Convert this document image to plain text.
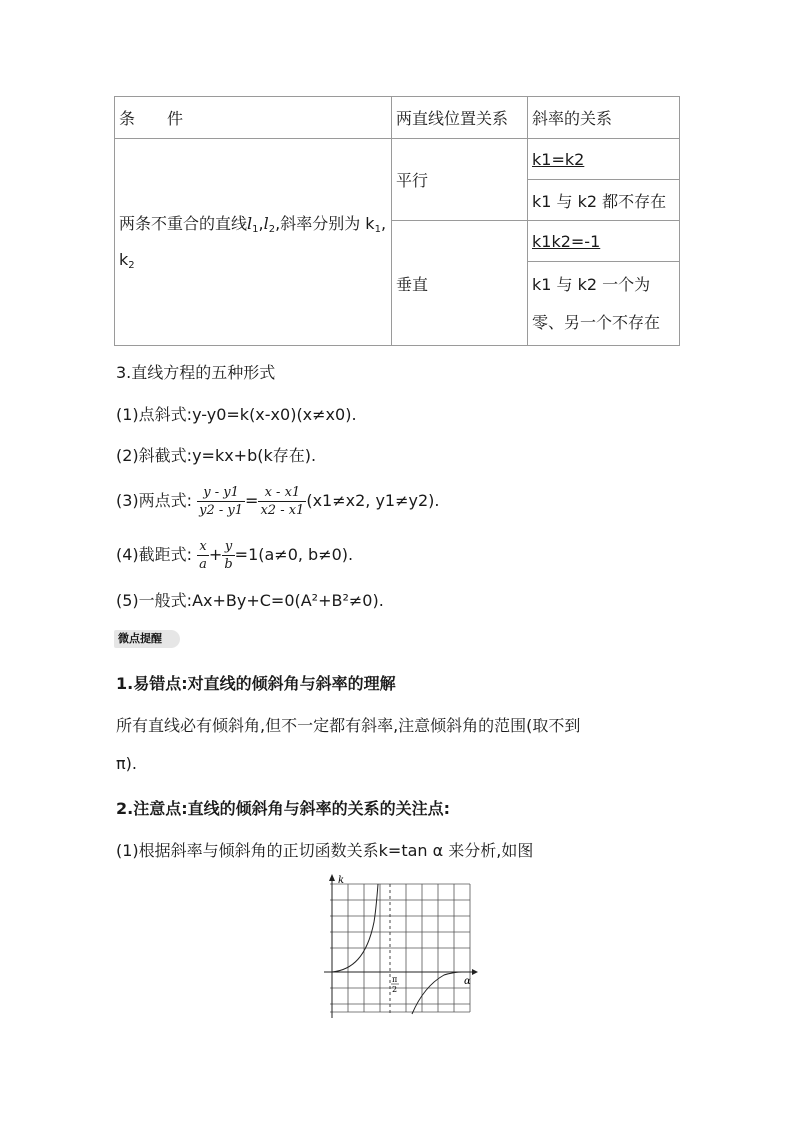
条　　件	两直线位置关系	斜率的关系
两条不重合的直线$l_1,l_2$,斜率分别为 $k_1$, $k_2$	平行	k1=k2
		k1 与 k2 都不存在
	垂直	k1k2=-1
		k1 与 k2 一个为零、另一个不存在
3.直线方程的五种形式
(1)点斜式:y-y0=k(x-x0)(x≠x0).
(2)斜截式:y=kx+b(k存在).
(3)两点式: $\frac{y - y1}{y2 - y1} = \frac{x - x1}{x2 - x1} (x1\ne x2$, y1≠y2).
(4)截距式: $\frac{x}{a} + \frac{y}{b} =1(a\ne 0$, b≠0).
(5)一般式:Ax+By+C=0(A²+B²≠0).
微点提醒
1.易错点:对直线的倾斜角与斜率的理解
所有直线必有倾斜角,但不一定都有斜率,注意倾斜角的范围(取不到
π).
2.注意点:直线的倾斜角与斜率的关系的关注点:
(1)根据斜率与倾斜角的正切函数关系k=tan α 来分析,如图
k
α
π
2
